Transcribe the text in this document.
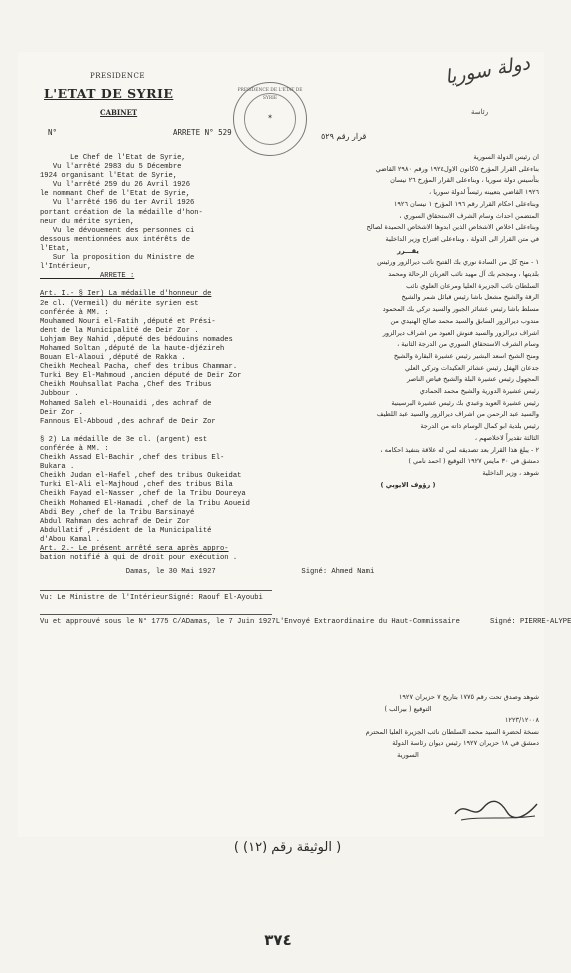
PRESIDENCE DE L'ETAT DE SYRIE
✶
PRESIDENCE
L'ETAT DE SYRIE
CABINET
N°	ARRETE N° 529
Le Chef de l'Etat de Syrie,
Vu l'arrêté 2983 du 5 Décembre
1924 organisant l'Etat de Syrie,
Vu l'arrêté 259 du 26 Avril 1926
le nommant Chef de l'Etat de Syrie,
Vu l'arrêté 196 du 1er Avril 1926
portant création de la médaille d'hon-
neur du mérite syrien,
Vu le dévouement des personnes ci
dessous mentionnées aux intérêts de
l'Etat,
Sur la proposition du Ministre de
l'Intérieur,
ARRETE :

Art. I.- § Ier) La médaille d'honneur de
2e cl. (Vermeil) du mérite syrien est
conférée à MM. :
Mouhamed Nouri el-Fatih ,député et Prési-
dent de la Municipalité de Deir Zor .
Lohjam Bey Nahid ,député des bédouins nomades
Mohamed Soltan ,député de la haute-djézireh
Bouan El-Alaoui ,député de Rakka .
Cheikh Mecheal Pacha, chef des tribus Chammar.
Turki Bey El-Mahmoud ,ancien député de Deir Zor
Cheikh Mouhsallat Pacha ,Chef des Tribus
Jubbour .
Mohamed Saleh el-Hounaidi ,des achraf de
Deir Zor .
Fannous El-Abboud ,des achraf de Deir Zor

§ 2) La médaille de 3e cl. (argent) est
conférée à MM. :
Cheikh Assad El-Bachir ,chef des tribus El-
Bukara .
Cheikh Judan el-Hafel ,chef des tribus Oukeidat
Turki El-Ali el-Majhoud ,chef des tribus Bila
Cheikh Fayad el-Nasser ,chef de la Tribu Doureya
Cheikh Mohamed El-Hamadi ,chef de la Tribu Aoueid
Abdi Bey ,chef de la Tribu Barsinayé
Abdul Rahman des achraf de Deir Zor
Abdullatif ,Président de la Municipalité
d'Abou Kamal .
Art. 2.- Le présent arrêté sera après appro-
bation notifié à qui de droit pour exécution .
Damas, le 30 Mai 1927                    Signé: Ahmed Nami
Vu: Le Ministre de l'IntérieurSigné: Raouf El-Ayoubi
Vu et approuvé sous le N° 1775 C/ADamas, le 7 Juin 1927L'Envoyé Extraordinaire du Haut-Commissaire       Signé: PIERRE-ALYPE
دولة سوريا
رئاسة
قرار رقم ٥٢٩
ان رئيس الدولة السورية
بناءعلى القرار المؤرخ ٥كانون الاول١٩٢٤ ورقم ٢٩٨٠ القاضي
بتأسيس دولة سوريا ، وبناءعلى القرار المؤرخ ٢٦ نيسان
١٩٢٦ القاضي بتعيينه رئيساً لدولة سوريا ،
وبناءعلى احكام القرار رقم ١٩٦ المؤرخ ١ نيسان ١٩٢٦
المتضمن احداث وسام الشرف الاستحقاق السوري ،
وبناءعلى اخلاص الاشخاص الذين ابدوها الاشخاص الحميدة لصالح
في متن القرار الى الدولة ، وبناءعلى اقتراح وزير الداخلية
يقـــرر
١ - منح كل من السادة نوري بك الفتيح نائب ديرالزور ورئيس
بلديتها ، ومجحم بك آل مهيد نائب العربان الرحالة ومحمد
السلطان نائب الجزيرة العليا ومرعان العلوي نائب
الرقة والشيخ مشعل باشا رئيس قبائل شمر والشيخ
مسلط باشا رئيس عشائر الجبور والسيد تركي بك المحمود
مندوب ديرالزور السابق والسيد محمد صالح الهنيدي من
اشراف ديرالزور والسيد فنوش العبود من اشراف ديرالزور
وسام الشرف الاستحقاق السوري من الدرجة الثانية ،
ومنح الشيخ اسعد البشير رئيس عشيرة البقارة والشيخ
جدعان الهفل رئيس عشائر العكيدات وتركي العلي
المجهول رئيس عشيرة البلة والشيخ فياض الناصر
رئيس عشيرة الدورية والشيخ محمد الحمادي
رئيس عشيرة العويد وعبدي بك رئيس عشيرة البرسينية
والسيد عبد الرحمن من اشراف ديرالزور والسيد عبد اللطيف
رئيس بلدية ابو كمال الوسام ذاته من الدرجة
الثالثة تقديراً لاخلاصهم ،
٢ - يبلغ هذا القرار بعد تصديقه لمن له علاقة بتنفيذ احكامه ،
دمشق في ٣٠ مايس ١٩٢٧ التوقيع ( احمد نامي )
شوهد ، وزير الداخلية
( رؤوف الايوبي )
شوهد وصدق تحت رقم ١٧٧٥ بتاريخ ٧ حزيران ١٩٢٧
التوقيع ( بيرالب )
١٢٢٣/١٢٠٠٨
نسخة لحضرة السيد محمد السلطان نائب الجزيرة العليا المحترم
دمشق في ١٨ حزيران ١٩٢٧ رئيس ديوان رئاسة الدولة
السورية
( الوثيقة رقم (١٢) )
٣٧٤
